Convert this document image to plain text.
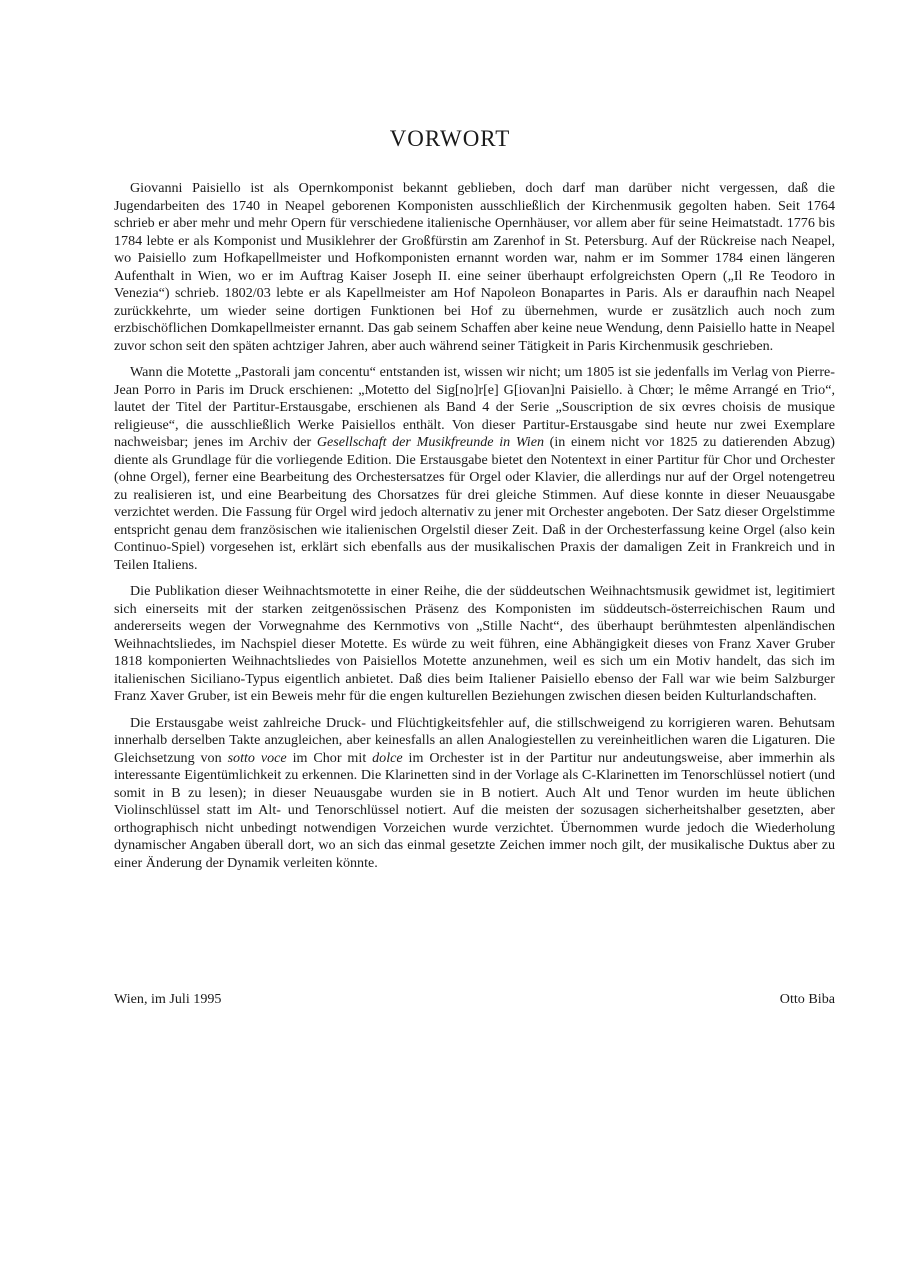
VORWORT

Giovanni Paisiello ist als Opernkomponist bekannt geblieben, doch darf man darüber nicht vergessen, daß die Jugendarbeiten des 1740 in Neapel geborenen Komponisten ausschließlich der Kirchenmusik gegolten haben. Seit 1764 schrieb er aber mehr und mehr Opern für verschiedene italienische Opernhäuser, vor allem aber für seine Heimatstadt. 1776 bis 1784 lebte er als Komponist und Musiklehrer der Großfürstin am Zarenhof in St. Petersburg. Auf der Rückreise nach Neapel, wo Paisiello zum Hofkapellmeister und Hofkomponisten ernannt worden war, nahm er im Sommer 1784 einen längeren Aufenthalt in Wien, wo er im Auftrag Kaiser Joseph II. eine seiner überhaupt erfolgreichsten Opern („Il Re Teodoro in Venezia“) schrieb. 1802/03 lebte er als Kapellmeister am Hof Napoleon Bonapartes in Paris. Als er daraufhin nach Neapel zurückkehrte, um wieder seine dortigen Funktionen bei Hof zu übernehmen, wurde er zusätzlich auch noch zum erzbischöflichen Domkapellmeister ernannt. Das gab seinem Schaffen aber keine neue Wendung, denn Paisiello hatte in Neapel zuvor schon seit den späten achtziger Jahren, aber auch während seiner Tätigkeit in Paris Kirchenmusik geschrieben.

Wann die Motette „Pastorali jam concentu“ entstanden ist, wissen wir nicht; um 1805 ist sie jedenfalls im Verlag von Pierre-Jean Porro in Paris im Druck erschienen: „Motetto del Sig[no]r[e] G[iovan]ni Paisiello. à Chœr; le même Arrangé en Trio“, lautet der Titel der Partitur-Erstausgabe, erschienen als Band 4 der Serie „Souscription de six œvres choisis de musique religieuse“, die ausschließlich Werke Paisiellos enthält. Von dieser Partitur-Erstausgabe sind heute nur zwei Exemplare nachweisbar; jenes im Archiv der Gesellschaft der Musikfreunde in Wien (in einem nicht vor 1825 zu datierenden Abzug) diente als Grundlage für die vorliegende Edition. Die Erstausgabe bietet den Notentext in einer Partitur für Chor und Orchester (ohne Orgel), ferner eine Bearbeitung des Orchestersatzes für Orgel oder Klavier, die allerdings nur auf der Orgel notengetreu zu realisieren ist, und eine Bearbeitung des Chorsatzes für drei gleiche Stimmen. Auf diese konnte in dieser Neuausgabe verzichtet werden. Die Fassung für Orgel wird jedoch alternativ zu jener mit Orchester angeboten. Der Satz dieser Orgelstimme entspricht genau dem französischen wie italienischen Orgelstil dieser Zeit. Daß in der Orchesterfassung keine Orgel (also kein Continuo-Spiel) vorgesehen ist, erklärt sich ebenfalls aus der musikalischen Praxis der damaligen Zeit in Frankreich und in Teilen Italiens.

Die Publikation dieser Weihnachtsmotette in einer Reihe, die der süddeutschen Weihnachtsmusik gewidmet ist, legitimiert sich einerseits mit der starken zeitgenössischen Präsenz des Komponisten im süddeutsch-österreichischen Raum und andererseits wegen der Vorwegnahme des Kernmotivs von „Stille Nacht“, des überhaupt berühmtesten alpenländischen Weihnachtsliedes, im Nachspiel dieser Motette. Es würde zu weit führen, eine Abhängigkeit dieses von Franz Xaver Gruber 1818 komponierten Weihnachtsliedes von Paisiellos Motette anzunehmen, weil es sich um ein Motiv handelt, das sich im italienischen Siciliano-Typus eigentlich anbietet. Daß dies beim Italiener Paisiello ebenso der Fall war wie beim Salzburger Franz Xaver Gruber, ist ein Beweis mehr für die engen kulturellen Beziehungen zwischen diesen beiden Kulturlandschaften.

Die Erstausgabe weist zahlreiche Druck- und Flüchtigkeitsfehler auf, die stillschweigend zu korrigieren waren. Behutsam innerhalb derselben Takte anzugleichen, aber keinesfalls an allen Analogiestellen zu vereinheitlichen waren die Ligaturen. Die Gleichsetzung von sotto voce im Chor mit dolce im Orchester ist in der Partitur nur andeutungsweise, aber immerhin als interessante Eigentümlichkeit zu erkennen. Die Klarinetten sind in der Vorlage als C-Klarinetten im Tenorschlüssel notiert (und somit in B zu lesen); in dieser Neuausgabe wurden sie in B notiert. Auch Alt und Tenor wurden im heute üblichen Violinschlüssel statt im Alt- und Tenorschlüssel notiert. Auf die meisten der sozusagen sicherheitshalber gesetzten, aber orthographisch nicht unbedingt notwendigen Vorzeichen wurde verzichtet. Übernommen wurde jedoch die Wiederholung dynamischer Angaben überall dort, wo an sich das einmal gesetzte Zeichen immer noch gilt, der musikalische Duktus aber zu einer Änderung der Dynamik verleiten könnte.

Wien, im Juli 1995	Otto Biba
